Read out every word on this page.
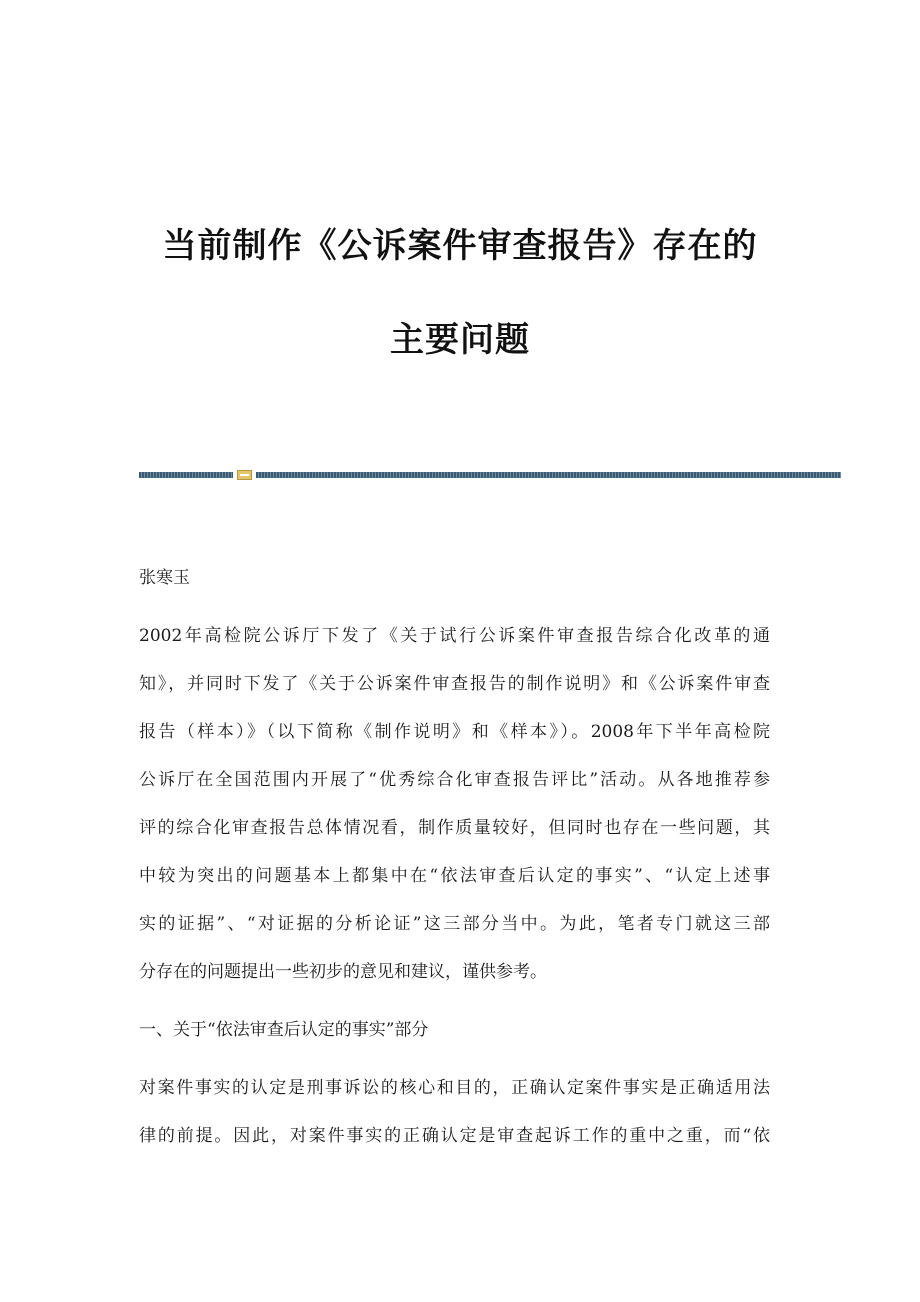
当前制作《公诉案件审查报告》存在的
主要问题
张寒玉
2002年高检院公诉厅下发了《关于试行公诉案件审查报告综合化改革的通
知》，并同时下发了《关于公诉案件审查报告的制作说明》和《公诉案件审查
报告（样本）》（以下简称《制作说明》和《样本》）。2008年下半年高检院
公诉厅在全国范围内开展了“优秀综合化审查报告评比”活动。从各地推荐参
评的综合化审查报告总体情况看，制作质量较好，但同时也存在一些问题，其
中较为突出的问题基本上都集中在“依法审查后认定的事实”、“认定上述事
实的证据”、“对证据的分析论证”这三部分当中。为此，笔者专门就这三部
分存在的问题提出一些初步的意见和建议，谨供参考。
一、关于“依法审查后认定的事实”部分
对案件事实的认定是刑事诉讼的核心和目的，正确认定案件事实是正确适用法
律的前提。因此，对案件事实的正确认定是审查起诉工作的重中之重，而“依
